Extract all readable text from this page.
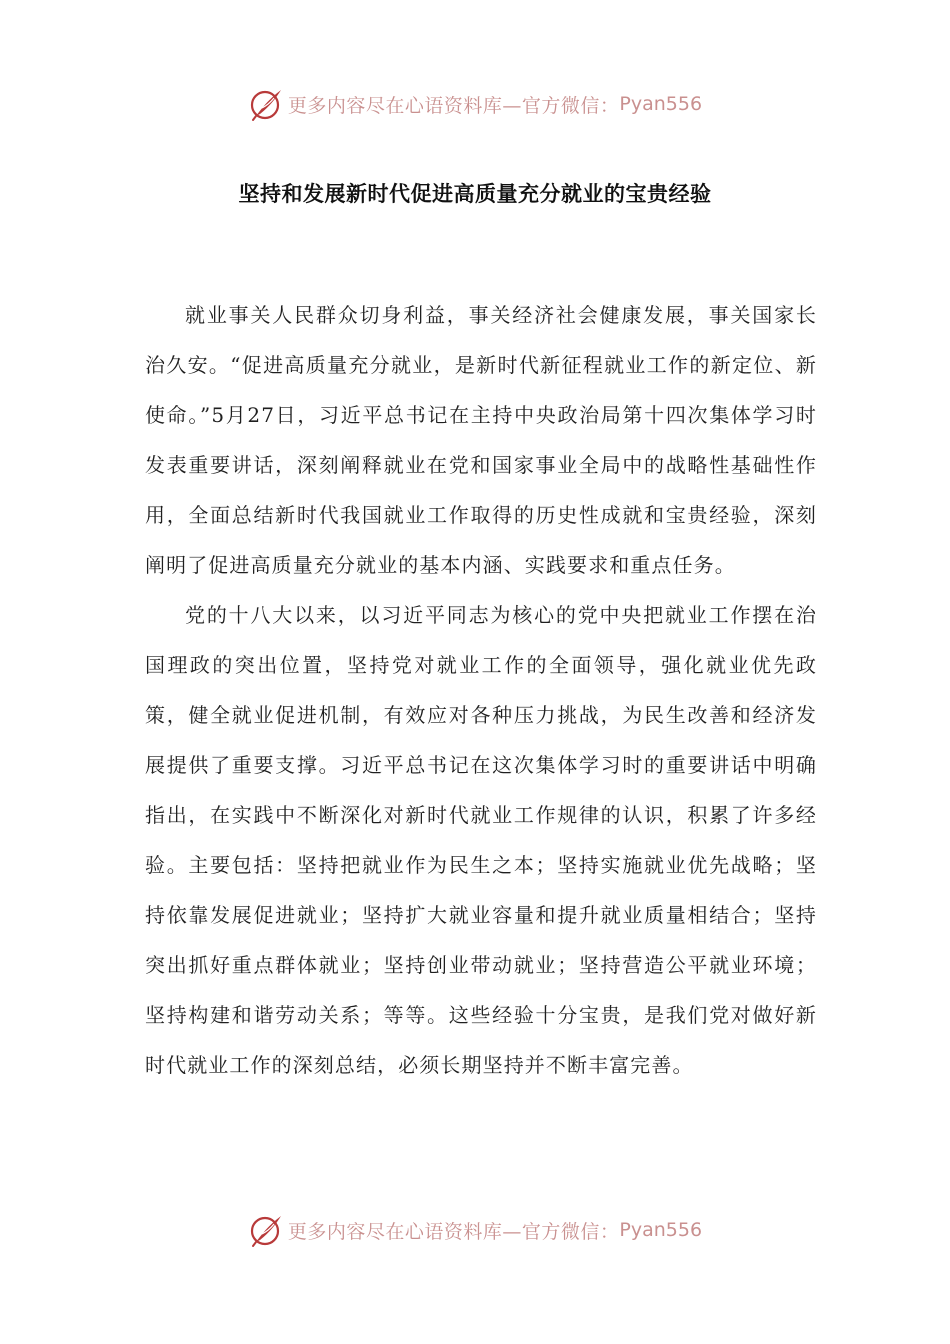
更多内容尽在心语资料库—官方微信： Pyan556
坚持和发展新时代促进高质量充分就业的宝贵经验

就业事关人民群众切身利益，事关经济社会健康发展，事关国家长治久安。“促进高质量充分就业，是新时代新征程就业工作的新定位、新使命。”5月27日，习近平总书记在主持中央政治局第十四次集体学习时发表重要讲话，深刻阐释就业在党和国家事业全局中的战略性基础性作用，全面总结新时代我国就业工作取得的历史性成就和宝贵经验，深刻阐明了促进高质量充分就业的基本内涵、实践要求和重点任务。

党的十八大以来，以习近平同志为核心的党中央把就业工作摆在治国理政的突出位置，坚持党对就业工作的全面领导，强化就业优先政策，健全就业促进机制，有效应对各种压力挑战，为民生改善和经济发展提供了重要支撑。习近平总书记在这次集体学习时的重要讲话中明确指出，在实践中不断深化对新时代就业工作规律的认识，积累了许多经验。主要包括：坚持把就业作为民生之本；坚持实施就业优先战略；坚持依靠发展促进就业；坚持扩大就业容量和提升就业质量相结合；坚持突出抓好重点群体就业；坚持创业带动就业；坚持营造公平就业环境；坚持构建和谐劳动关系；等等。这些经验十分宝贵，是我们党对做好新时代就业工作的深刻总结，必须长期坚持并不断丰富完善。

更多内容尽在心语资料库—官方微信： Pyan556
